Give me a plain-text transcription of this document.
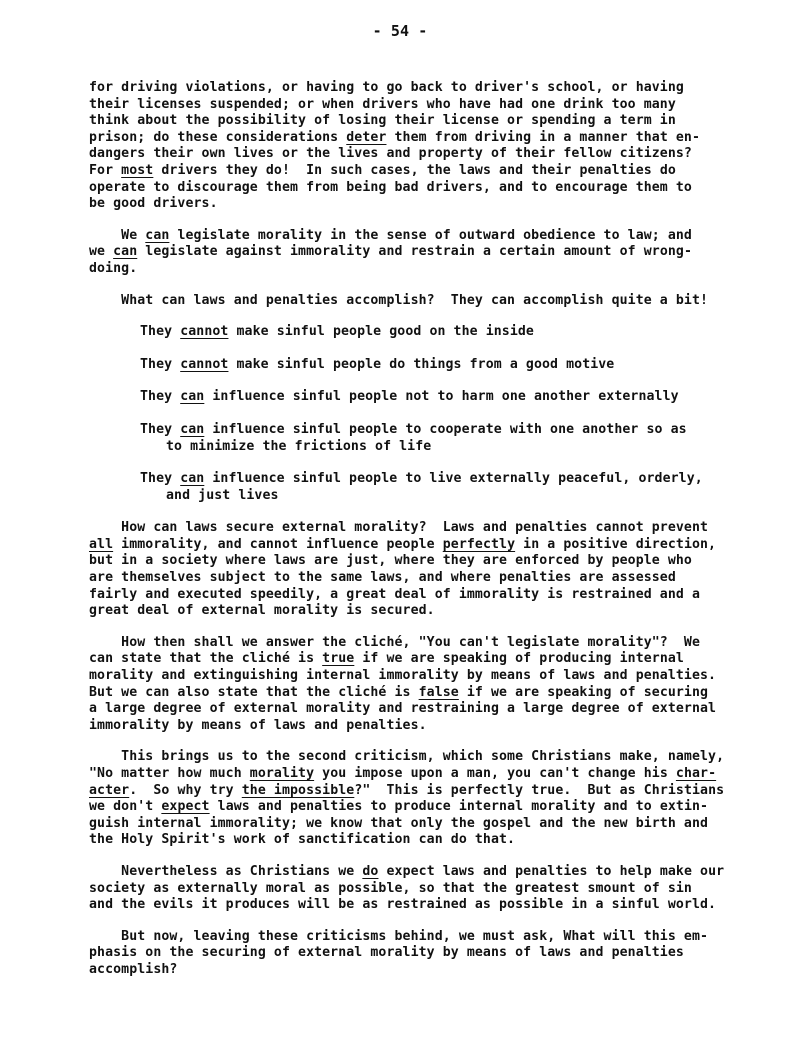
- 54 -
for driving violations, or having to go back to driver's school, or having
their licenses suspended; or when drivers who have had one drink too many
think about the possibility of losing their license or spending a term in
prison; do these considerations deter them from driving in a manner that en-
dangers their own lives or the lives and property of their fellow citizens?
For most drivers they do!  In such cases, the laws and their penalties do
operate to discourage them from being bad drivers, and to encourage them to
be good drivers.
We can legislate morality in the sense of outward obedience to law; and
we can legislate against immorality and restrain a certain amount of wrong-
doing.
What can laws and penalties accomplish?  They can accomplish quite a bit!
They cannot make sinful people good on the inside
They cannot make sinful people do things from a good motive
They can influence sinful people not to harm one another externally
They can influence sinful people to cooperate with one another so as
to minimize the frictions of life
They can influence sinful people to live externally peaceful, orderly,
and just lives
How can laws secure external morality?  Laws and penalties cannot prevent
all immorality, and cannot influence people perfectly in a positive direction,
but in a society where laws are just, where they are enforced by people who
are themselves subject to the same laws, and where penalties are assessed
fairly and executed speedily, a great deal of immorality is restrained and a
great deal of external morality is secured.
How then shall we answer the cliché, "You can't legislate morality"?  We
can state that the cliché is true if we are speaking of producing internal
morality and extinguishing internal immorality by means of laws and penalties.
But we can also state that the cliché is false if we are speaking of securing
a large degree of external morality and restraining a large degree of external
immorality by means of laws and penalties.
This brings us to the second criticism, which some Christians make, namely,
"No matter how much morality you impose upon a man, you can't change his char-
acter.  So why try the impossible?"  This is perfectly true.  But as Christians
we don't expect laws and penalties to produce internal morality and to extin-
guish internal immorality; we know that only the gospel and the new birth and
the Holy Spirit's work of sanctification can do that.
Nevertheless as Christians we do expect laws and penalties to help make our
society as externally moral as possible, so that the greatest smount of sin
and the evils it produces will be as restrained as possible in a sinful world.
But now, leaving these criticisms behind, we must ask, What will this em-
phasis on the securing of external morality by means of laws and penalties
accomplish?
